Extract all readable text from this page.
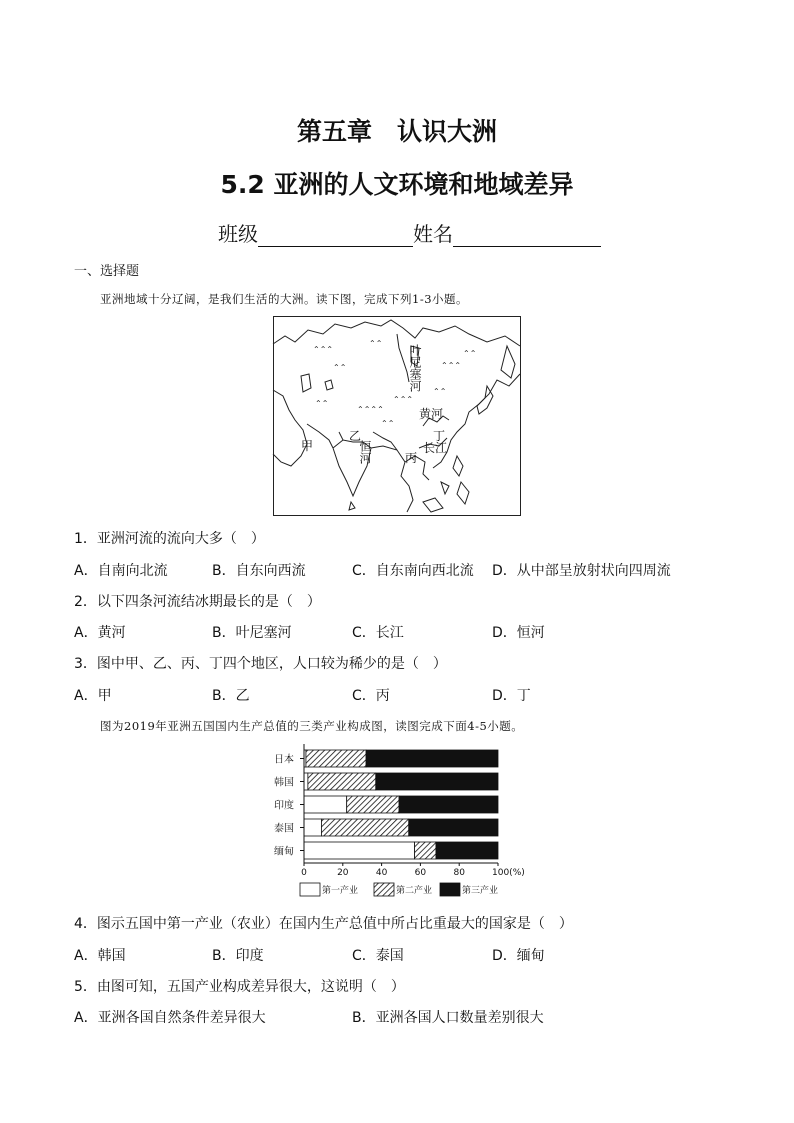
第五章　认识大洲
5.2 亚洲的人文环境和地域差异
班级	姓名
一、选择题
亚洲地域十分辽阔，是我们生活的大洲。读下图，完成下列1-3小题。
⌃⌃⌃
⌃⌃
⌃⌃	⌃⌃⌃
⌃⌃
⌃⌃⌃
⌃⌃⌃⌃
⌃⌃
⌃⌃
⌃⌃
叶尼塞河
黄河
长江
恒河
甲
乙
丙
丁
1．亚洲河流的流向大多（　）
A．自南向北流	B．自东向西流	C．自东南向西北流 D．从中部呈放射状向四周流
2．以下四条河流结冰期最长的是（　）
A．黄河	B．叶尼塞河	C．长江	D．恒河
3．图中甲、乙、丙、丁四个地区，人口较为稀少的是（　）
A．甲	B．乙	C．丙	D．丁
图为2019年亚洲五国国内生产总值的三类产业构成图，读图完成下面4-5小题。
日本
韩国
印度
泰国
缅甸
0	20	40	60	80	100(%)
第一产业	第二产业	第三产业
4．图示五国中第一产业（农业）在国内生产总值中所占比重最大的国家是（　）
A．韩国	B．印度	C．泰国	D．缅甸
5．由图可知，五国产业构成差异很大，这说明（　）
A．亚洲各国自然条件差异很大	B．亚洲各国人口数量差别很大
